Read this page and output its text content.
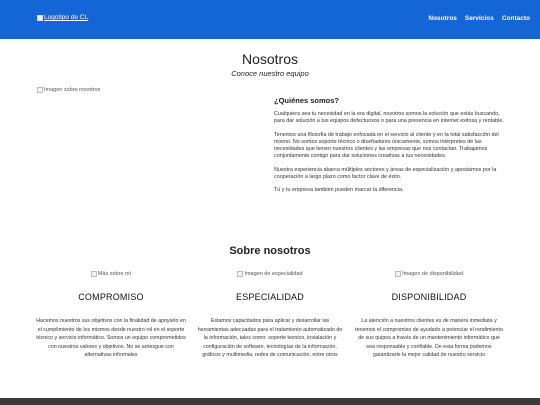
Logotipo de CL	Nosotros Servicios Contacto
Nosotros
Conoce nuestro equipo
Imagen sobre nosotros
¿Quiénes somos?

Cualquiera sea tu necesidad en la era digital, nosotros somos la solución que estás buscando, para dar solución a tus equipos defectuosos o para una presencia en internet exitosa y rentable.

Tenemos una filosofía de trabajo enfocada en el servicio al cliente y en la total satisfacción del mismo. No somos soporte técnico o diseñadores únicamente, somos intérpretes de las necesidades que tienen nuestros clientes y las empresas que nos contactan. Trabajamos conjuntamente contigo para dar soluciones creativas a tus necesidades.

Nuestra experiencia abarca múltiples sectores y áreas de especialización y apostamos por la cooperación a largo plazo como factor clave de éxito.

Tú y tu empresa también pueden marcar la diferencia.

Sobre nosotros
Más sobre mí
COMPROMISO

Hacemos nuestros sus objetivos con la finalidad de apoyarlo en el cumplimiento de los mismos desde nuestro rol en el soporte técnico y servicio informático. Somos un equipo comprometidos con nuestros valores y objetivos. No se arriesgue con alternativas informales

Imagen de especialidad
ESPECIALIDAD

Estamos capacitados para aplicar y desarrollar las herramientas adecuadas para el tratamiento automatizado de la información, tales como: soporte tecnico, instalación y configuración de software, tecnologías de la información, gráficos y multimedia, redes de comunicación, entre otros

Imagen de disponibilidad
DISPONIBILIDAD

La atención a nuestros clientes es de manera inmediata y tenemos el compromiso de ayudarlo a potenciar el rendimiento de sus quipos a través de un mantenimiento informático que sea responsable y confiable. De esta forma podemos garantizarle la mejor calidad de nuestro servicio
